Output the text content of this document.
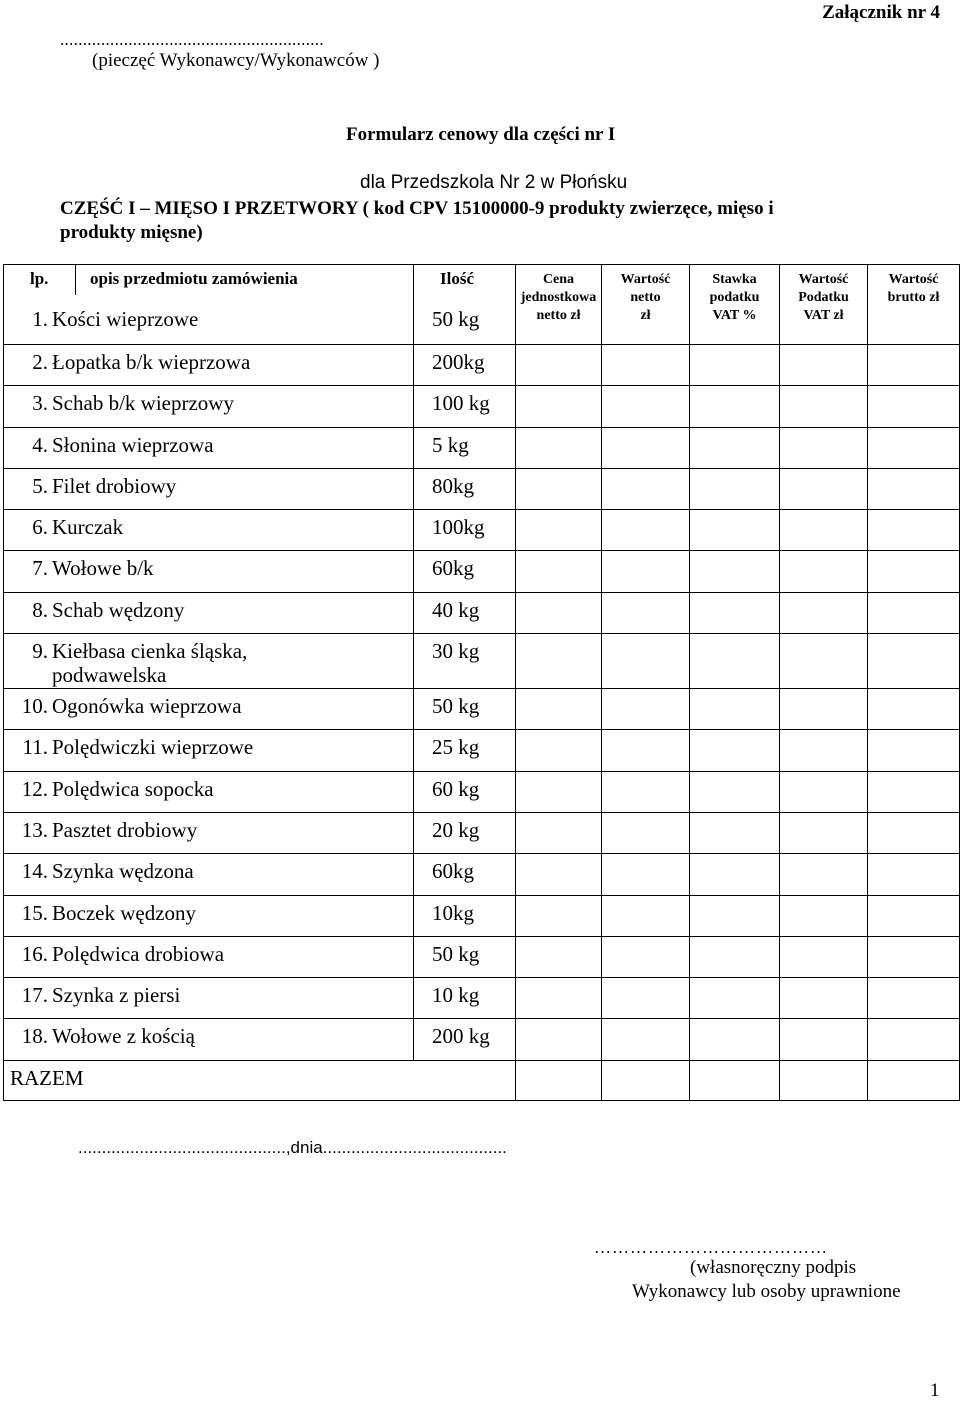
Załącznik nr 4
..........................................................
(pieczęć Wykonawcy/Wykonawców )
Formularz cenowy dla części nr I
dla Przedszkola Nr 2 w Płońsku
CZĘŚĆ I – MIĘSO I PRZETWORY ( kod CPV 15100000-9 produkty zwierzęce, mięso i
produkty mięsne)
lp.	opis przedmiotu zamówienia	Ilość	Cena
jednostkowa
netto zł	Wartość
netto
zł	Stawka
podatku
VAT %	Wartość
Podatku
VAT zł	Wartość
brutto zł
1. Kości wieprzowe		50 kg					
2. Łopatka b/k wieprzowa		200kg					
3. Schab b/k wieprzowy		100 kg					
4. Słonina wieprzowa		5 kg					
5. Filet drobiowy		80kg					
6. Kurczak		100kg					
7. Wołowe b/k		60kg					
8. Schab wędzony		40 kg					
9. Kiełbasa cienka śląska,
podwawelska		30 kg					
10. Ogonówka wieprzowa		50 kg					
11. Polędwiczki wieprzowe		25 kg					
12. Polędwica sopocka		60 kg					
13. Pasztet drobiowy		20 kg					
14. Szynka wędzona		60kg					
15. Boczek wędzony		10kg					
16. Polędwica drobiowa		50 kg					
17. Szynka z piersi		10 kg					
18. Wołowe z kością		200 kg					
RAZEM							
............................................,dnia.......................................
…………………………………
(własnoręczny podpis
Wykonawcy lub osoby uprawnione
1
